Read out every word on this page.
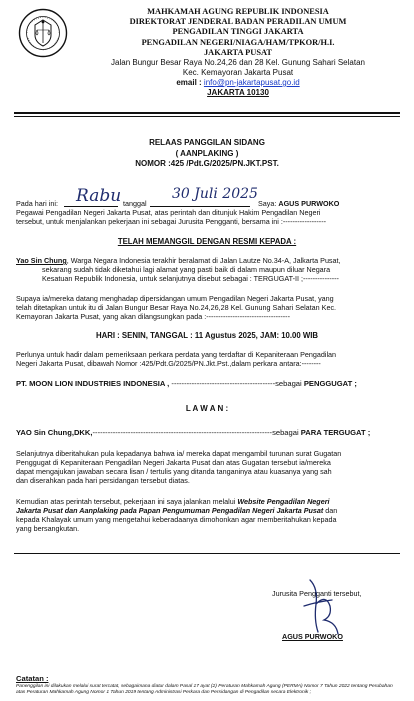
MAHKAMAH AGUNG REPUBLIK INDONESIA
DIREKTORAT JENDERAL BADAN PERADILAN UMUM
PENGADILAN TINGGI JAKARTA
PENGADILAN NEGERI/NIAGA/HAM/TPKOR/H.I.
JAKARTA PUSAT
Jalan Bungur Besar Raya No.24,26 dan 28 Kel. Gunung Sahari Selatan
Kec. Kemayoran Jakarta Pusat
email : info@pn-jakartapusat.go.id
JAKARTA 10130
RELAAS PANGGILAN SIDANG
( AANPLAKING )
NOMOR :425 /Pdt.G/2025/PN.JKT.PST.
Pada hari ini: Rabu tanggal
30 Juli 2025
Saya: AGUS PURWOKO
Pegawai Pengadilan Negeri Jakarta Pusat, atas perintah dan ditunjuk Hakim Pengadilan Negeri
tersebut, untuk menjalankan pekerjaan ini sebagai Jurusita Pengganti, bersama ini :------------------
TELAH MEMANGGIL DENGAN RESMI KEPADA :
Yao Sin Chung, Warga Negara Indonesia terakhir beralamat di Jalan Lautze No.34-A, Jalkarta Pusat,
sekarang sudah tidak diketahui lagi alamat yang pasti baik di dalam maupun diluar Negara
Kesatuan Republik Indonesia, untuk selanjutnya disebut sebagai : TERGUGAT-II ;---------------
Supaya ia/mereka datang menghadap dipersidangan umum Pengadilan Negeri Jakarta Pusat, yang
telah ditetapkan untuk itu di Jalan Bungur Besar Raya No.24,26,28 Kel. Gunung Sahari Selatan Kec.
Kemayoran Jakarta Pusat, yang akan dilangsungkan pada :-----------------------------------
HARI : SENIN, TANGGAL : 11 Agustus 2025, JAM: 10.00 WIB
Perlunya untuk hadir dalam pemeriksaan perkara perdata yang terdaftar di Kepaniteraan Pengadilan
Negeri Jakarta Pusat, dibawah Nomor :425/Pdt.G/2025/PN.Jkt.Pst.,dalam perkara antara:--------
PT. MOON LION INDUSTRIES INDONESIA , -----------------------------------------sebagai PENGGUGAT ;
L A W A N :
YAO Sin Chung,DKK,-----------------------------------------------------------------------sebagai PARA TERGUGAT ;
Selanjutnya diberitahukan pula kepadanya bahwa ia/ mereka dapat mengambil turunan surat Gugatan
Penggugat di Kepaniteraan Pengadilan Negeri Jakarta Pusat dan atas Gugatan tersebut ia/mereka
dapat mengajukan jawaban secara lisan / tertulis yang ditanda tanganinya atau kuasanya yang sah
dan diserahkan pada hari persidangan tersebut diatas.
Kemudian atas perintah tersebut, pekerjaan ini saya jalankan melalui Website Pengadilan Negeri
Jakarta Pusat dan Aanplaking pada Papan Pengumuman Pengadilan Negeri Jakarta Pusat dan
kepada Khalayak umum yang mengetahui keberadaanya dimohonkan agar memberitahukan kepada
yang bersangkutan.
Jurusita Pengganti tersebut,
AGUS PURWOKO
Catatan :
Panenggilan ini dilakukan melalui surat tercatat, sebagaimana diatur dalam Pasal 17 ayat (2) Peraturan Mahkamah Agung (PERMA) Nomor 7 Tahun 2022 tentang Perubahan atas Peraturan Mahkamah Agung Nomor 1 Tahun 2019 tentang Administrasi Perkara dan Persidangan di Pengadilan secara Elektronik ;
